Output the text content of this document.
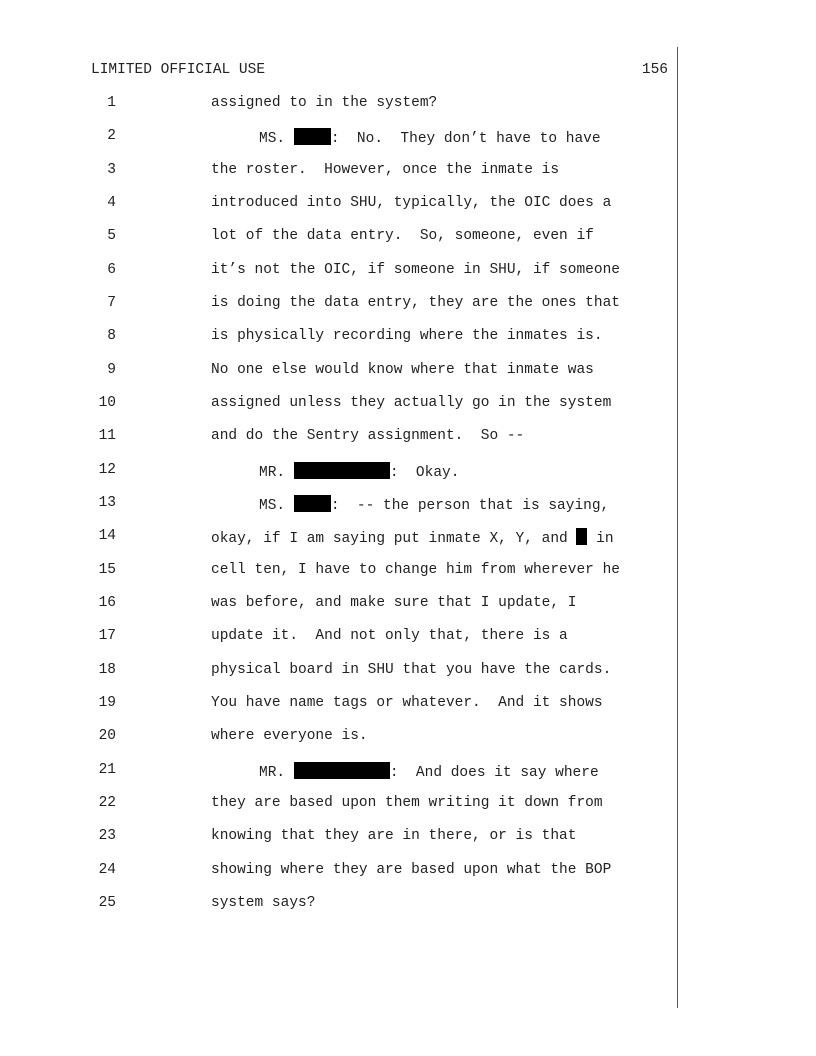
LIMITED OFFICIAL USE	156
1	assigned to in the system?
2	MS.	:  No.  They don’t have to have
3	the roster.  However, once the inmate is
4	introduced into SHU, typically, the OIC does a
5	lot of the data entry.  So, someone, even if
6	it’s not the OIC, if someone in SHU, if someone
7	is doing the data entry, they are the ones that
8	is physically recording where the inmates is.
9	No one else would know where that inmate was
10	assigned unless they actually go in the system
11	and do the Sentry assignment.  So --
12	MR.	:  Okay.
13	MS.	:  -- the person that is saying,
14	okay, if I am saying put inmate X, Y, and  in
15	cell ten, I have to change him from wherever he
16	was before, and make sure that I update, I
17	update it.  And not only that, there is a
18	physical board in SHU that you have the cards.
19	You have name tags or whatever.  And it shows
20	where everyone is.
21	MR.	:  And does it say where
22	they are based upon them writing it down from
23	knowing that they are in there, or is that
24	showing where they are based upon what the BOP
25	system says?
